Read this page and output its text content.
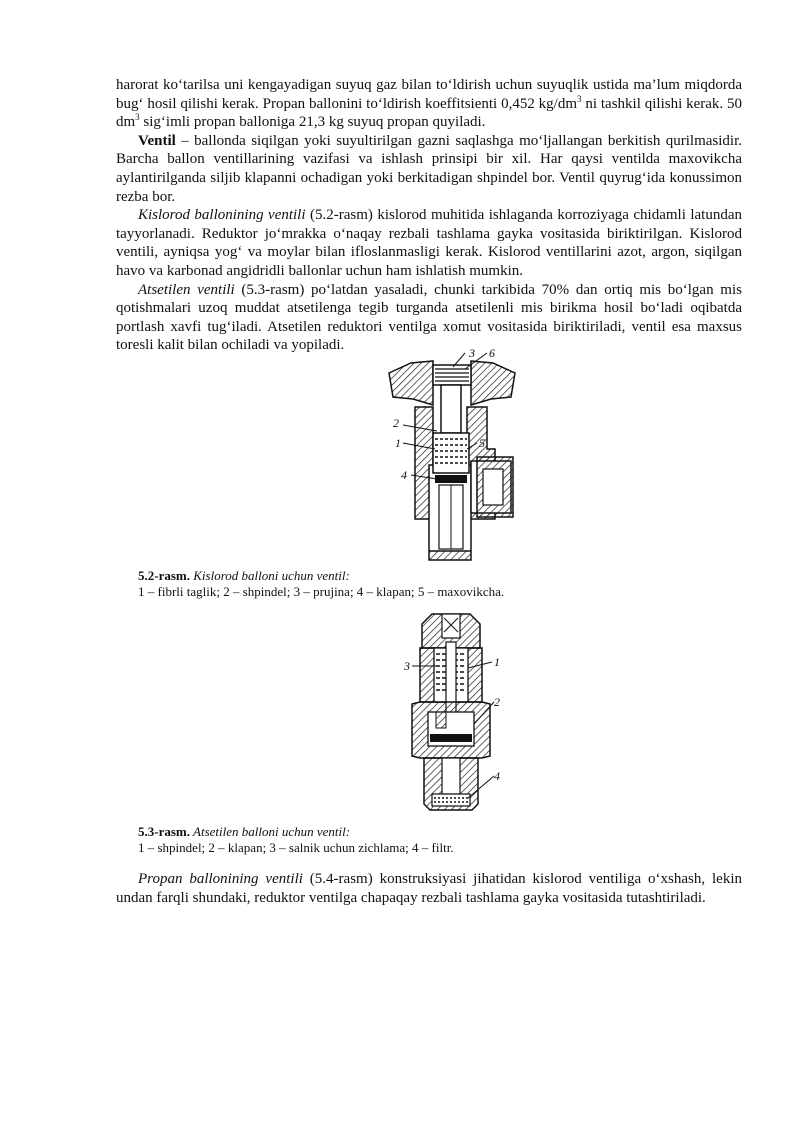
harorat ko‘tarilsa uni kengayadigan suyuq gaz bilan to‘ldirish uchun suyuqlik ustida ma’lum miqdorda bug‘ hosil qilishi kerak. Propan ballonini to‘ldirish koeffitsienti 0,452 $kg/dm^3$ ni tashkil qilishi kerak. 50 $dm^3$ sig‘imli propan balloniga 21,3 kg suyuq propan quyiladi.

Ventil – ballonda siqilgan yoki suyultirilgan gazni saqlashga mo‘ljallangan berkitish qurilmasidir. Barcha ballon ventillarining vazifasi va ishlash prinsipi bir xil. Har qaysi ventilda maxovikcha aylantirilganda siljib klapanni ochadigan yoki berkitadigan shpindel bor. Ventil quyrug‘ida konussimon rezba bor.

Kislorod ballonining ventili (5.2-rasm) kislorod muhitida ishlaganda korroziyaga chidamli latundan tayyorlanadi. Reduktor jo‘mrakka o‘naqay rezbali tashlama gayka vositasida biriktirilgan. Kislorod ventili, ayniqsa yog‘ va moylar bilan ifloslanmasligi kerak. Kislorod ventillarini azot, argon, siqilgan havo va karbonad angidridli ballonlar uchun ham ishlatish mumkin.

Atsetilen ventili (5.3-rasm) po‘latdan yasaladi, chunki tarkibida 70% dan ortiq mis bo‘lgan mis qotishmalari uzoq muddat atsetilenga tegib turganda atsetilenli mis birikma hosil bo‘ladi oqibatda portlash xavfi tug‘iladi. Atsetilen reduktori ventilga xomut vositasida biriktiriladi, ventil esa maxsus toresli kalit bilan ochiladi va yopiladi.	3 6
2
1	5
4
5.2-rasm. Kislorod balloni uchun ventil:
1 – fibrli taglik; 2 – shpindel; 3 – prujina; 4 – klapan; 5 – maxovikcha.
3	1
2
4
5.3-rasm. Atsetilen balloni uchun ventil:
1 – shpindel; 2 – klapan; 3 – salnik uchun zichlama; 4 – filtr.

Propan ballonining ventili (5.4-rasm) konstruksiyasi jihatidan kislorod ventiliga o‘xshash, lekin undan farqli shundaki, reduktor ventilga chapaqay rezbali tashlama gayka vositasida tutashtiriladi.
